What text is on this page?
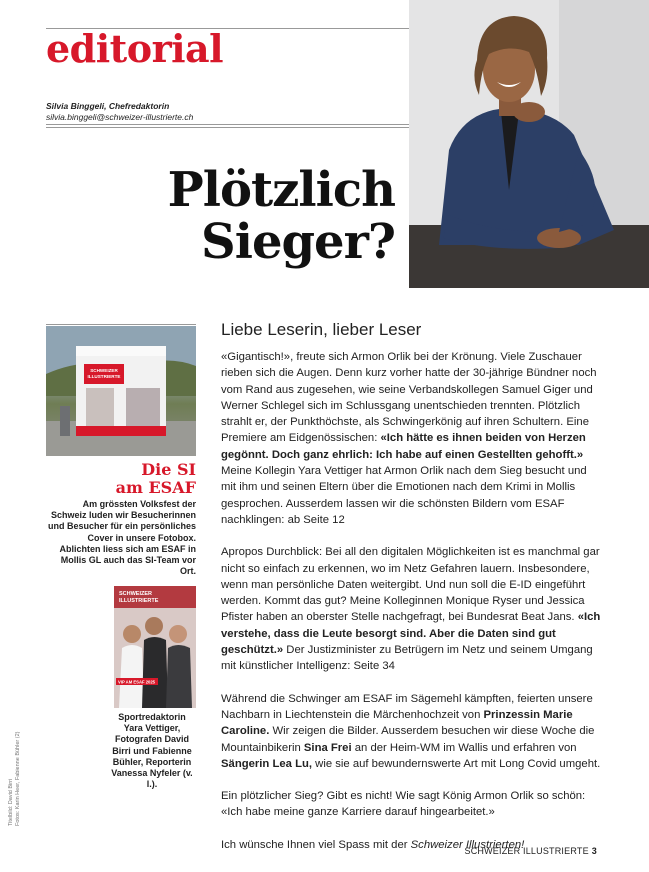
editorial
Silvia Binggeli, Chefredaktorin
silvia.binggeli@schweizer-illustrierte.ch
Plötzlich
Sieger?
SCHWEIZER
ILLUSTRIERTE
Die SI
am ESAF
Am grössten Volksfest der Schweiz luden wir Besucherinnen und Besucher für ein persönliches Cover in unsere Fotobox. Ablichten liess sich am ESAF in Mollis GL auch das SI-Team vor Ort.
SCHWEIZER
ILLUSTRIERTE
VIP AM ESAF 2025
Sportredaktorin Yara Vettiger, Fotografen David Birri und Fabienne Bühler, Reporterin Vanessa Nyfeler (v. l.).
Titelbild: David Birri Fotos: Karin Heer, Fabienne Bühler (2)
Liebe Leserin, lieber Leser

«Gigantisch!», freute sich Armon Orlik bei der Krönung. Viele Zuschauer rieben sich die Augen. Denn kurz vorher hatte der 30-jährige Bündner noch vom Rand aus zugesehen, wie seine Verbandskollegen Samuel Giger und Werner Schlegel sich im Schlussgang unentschieden trennten. Plötzlich strahlt er, der Punkthöchste, als Schwingerkönig auf ihren Schultern. Eine Premiere am Eidgenössischen: «Ich hätte es ihnen beiden von Herzen gegönnt. Doch ganz ehrlich: Ich habe auf einen Gestellten gehofft.» Meine Kollegin Yara Vettiger hat Armon Orlik nach dem Sieg besucht und mit ihm und seinen Eltern über die Emotionen nach dem Krimi in Mollis gesprochen. Ausserdem lassen wir die schönsten Bildern vom ESAF nachklingen: ab Seite 12

Apropos Durchblick: Bei all den digitalen Möglichkeiten ist es manchmal gar nicht so einfach zu erkennen, wo im Netz Gefahren lauern. Insbesondere, wenn man persönliche Daten weitergibt. Und nun soll die E-ID eingeführt werden. Kommt das gut? Meine Kolleginnen Monique Ryser und Jessica Pfister haben an oberster Stelle nachgefragt, bei Bundesrat Beat Jans. «Ich verstehe, dass die Leute besorgt sind. Aber die Daten sind gut geschützt.» Der Justizminister zu Betrügern im Netz und seinem Umgang mit künstlicher Intelligenz: Seite 34

Während die Schwinger am ESAF im Sägemehl kämpften, feierten unsere Nachbarn in Liechtenstein die Märchenhochzeit von Prinzessin Marie Caroline. Wir zeigen die Bilder. Ausserdem besuchen wir diese Woche die Mountainbikerin Sina Frei an der Heim-WM im Wallis und erfahren von Sängerin Lea Lu, wie sie auf bewundernswerte Art mit Long Covid umgeht.

Ein plötzlicher Sieg? Gibt es nicht! Wie sagt König Armon Orlik so schön: «Ich habe meine ganze Karriere darauf hingearbeitet.»

Ich wünsche Ihnen viel Spass mit der Schweizer Illustrierten!

SCHWEIZER ILLUSTRIERTE 3
